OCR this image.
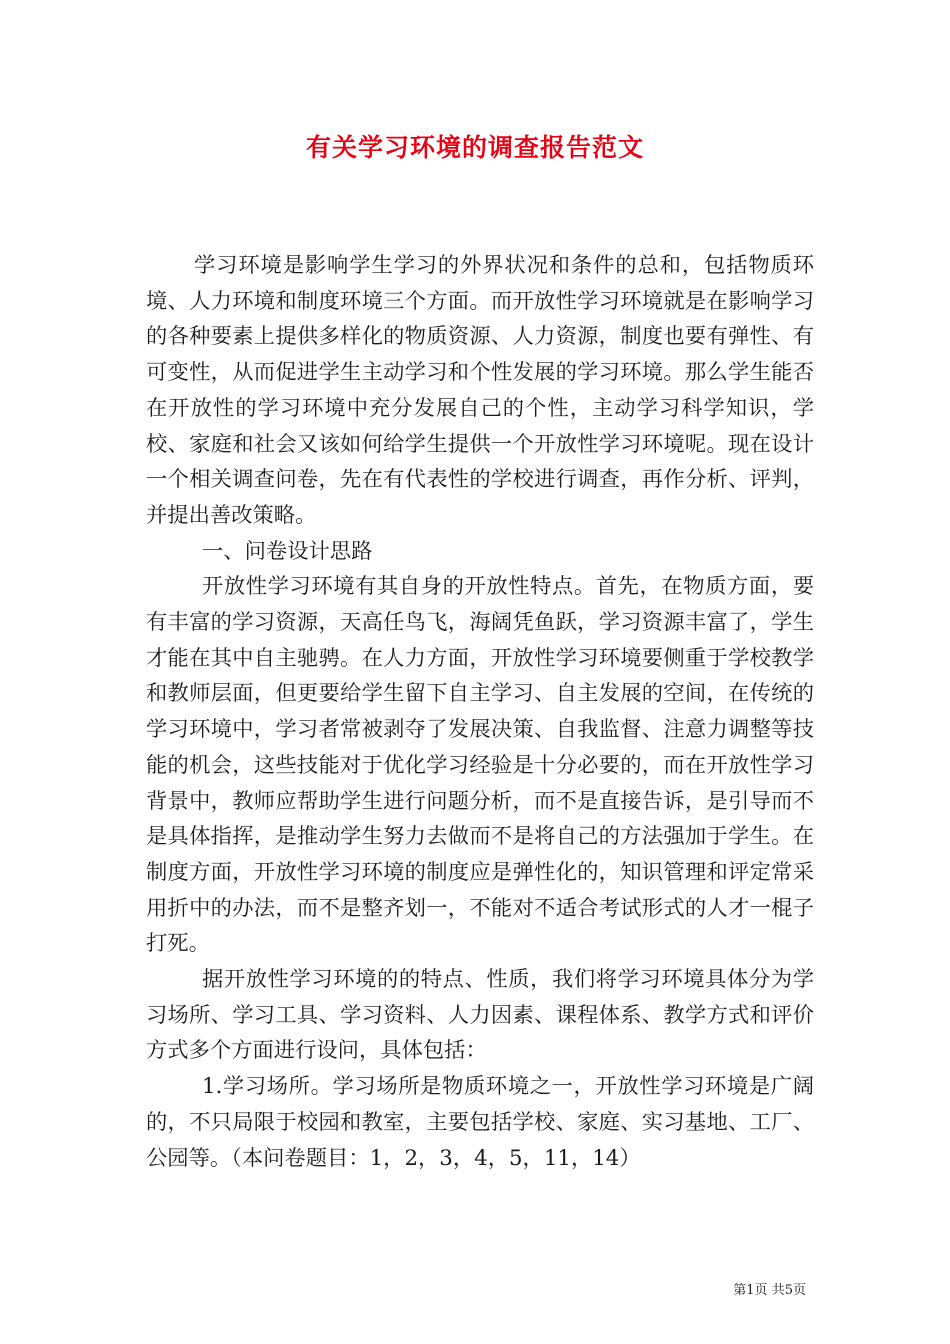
有关学习环境的调查报告范文

学习环境是影响学生学习的外界状况和条件的总和，包括物质环境、人力环境和制度环境三个方面。而开放性学习环境就是在影响学习的各种要素上提供多样化的物质资源、人力资源，制度也要有弹性、有可变性，从而促进学生主动学习和个性发展的学习环境。那么学生能否在开放性的学习环境中充分发展自己的个性，主动学习科学知识，学校、家庭和社会又该如何给学生提供一个开放性学习环境呢。现在设计一个相关调查问卷，先在有代表性的学校进行调查，再作分析、评判，并提出善改策略。

一、问卷设计思路

开放性学习环境有其自身的开放性特点。首先，在物质方面，要有丰富的学习资源，天高任鸟飞，海阔凭鱼跃，学习资源丰富了，学生才能在其中自主驰骋。在人力方面，开放性学习环境要侧重于学校教学和教师层面，但更要给学生留下自主学习、自主发展的空间，在传统的学习环境中，学习者常被剥夺了发展决策、自我监督、注意力调整等技能的机会，这些技能对于优化学习经验是十分必要的，而在开放性学习背景中，教师应帮助学生进行问题分析，而不是直接告诉，是引导而不是具体指挥，是推动学生努力去做而不是将自己的方法强加于学生。在制度方面，开放性学习环境的制度应是弹性化的，知识管理和评定常采用折中的办法，而不是整齐划一，不能对不适合考试形式的人才一棍子打死。

据开放性学习环境的的特点、性质，我们将学习环境具体分为学习场所、学习工具、学习资料、人力因素、课程体系、教学方式和评价方式多个方面进行设问，具体包括：

1.学习场所。学习场所是物质环境之一，开放性学习环境是广阔的，不只局限于校园和教室，主要包括学校、家庭、实习基地、工厂、公园等。（本问卷题目：1，2，3，4，5，11，14）

第1页 共5页
